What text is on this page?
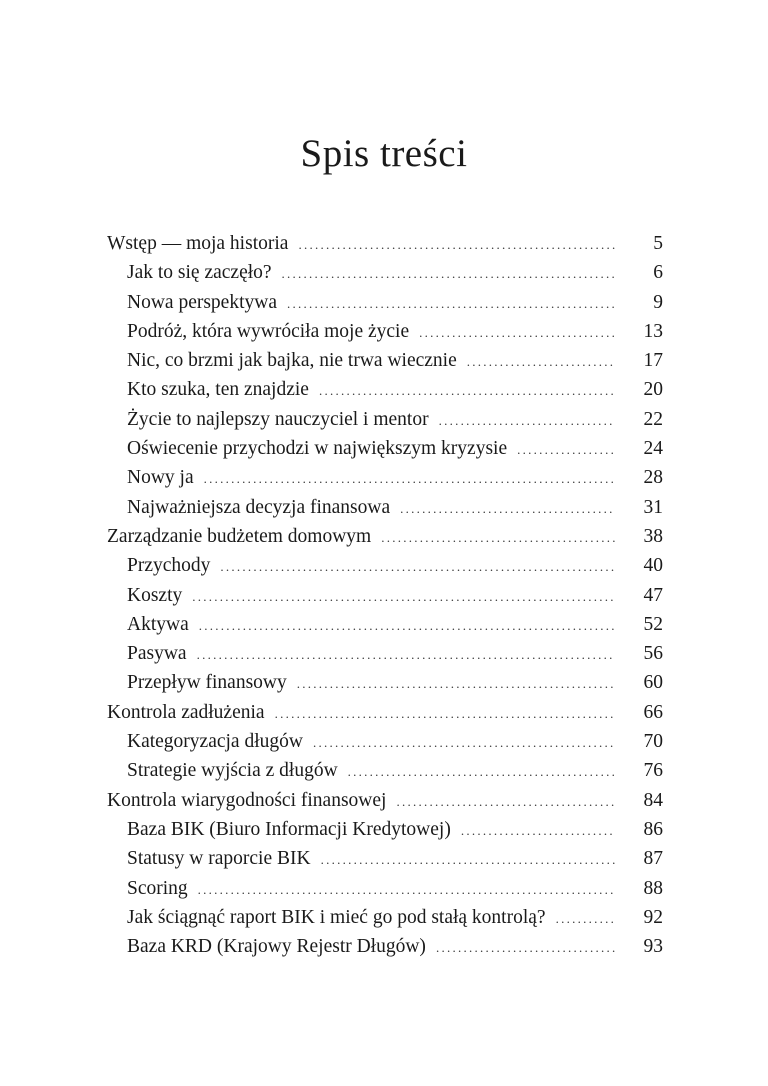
Spis treści
Wstęp — moja historia . . .	5
Jak to się zaczęło? . . .	6
Nowa perspektywa . . .	9
Podróż, która wywróciła moje życie . . .	13
Nic, co brzmi jak bajka, nie trwa wiecznie . . .	17
Kto szuka, ten znajdzie . . .	20
Życie to najlepszy nauczyciel i mentor . . .	22
Oświecenie przychodzi w największym kryzysie . . .	24
Nowy ja . . .	28
Najważniejsza decyzja finansowa . . .	31
Zarządzanie budżetem domowym . . .	38
Przychody . . .	40
Koszty . . .	47
Aktywa . . .	52
Pasywa . . .	56
Przepływ finansowy . . .	60
Kontrola zadłużenia . . .	66
Kategoryzacja długów . . .	70
Strategie wyjścia z długów . . .	76
Kontrola wiarygodności finansowej . . .	84
Baza BIK (Biuro Informacji Kredytowej) . . .	86
Statusy w raporcie BIK . . .	87
Scoring . . .	88
Jak ściągnąć raport BIK i mieć go pod stałą kontrolą? . . .	92
Baza KRD (Krajowy Rejestr Długów) . . .	93
